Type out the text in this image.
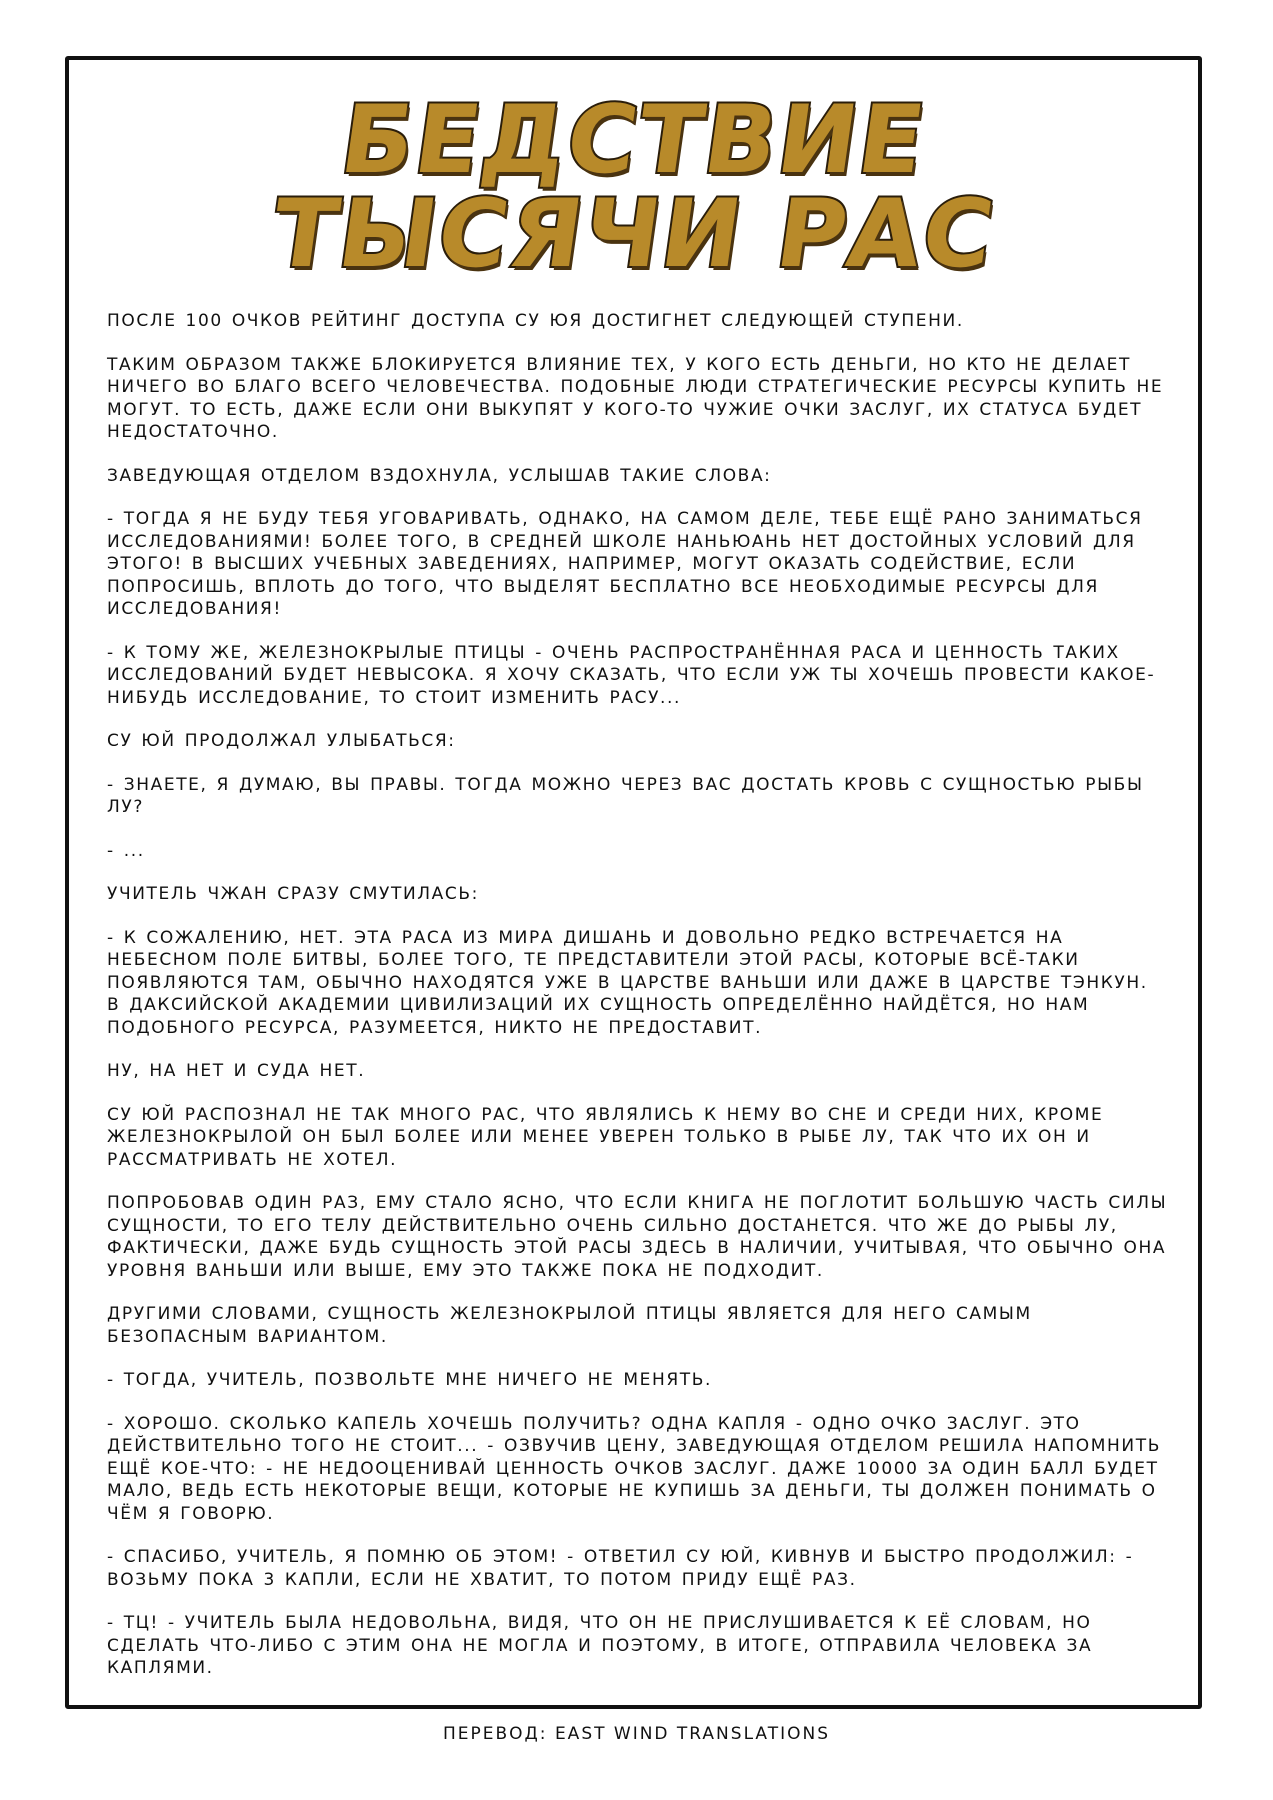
БЕДСТВИЕ
ТЫСЯЧИ РАС

ПОСЛЕ 100 ОЧКОВ РЕЙТИНГ ДОСТУПА СУ ЮЯ ДОСТИГНЕТ СЛЕДУЮЩЕЙ СТУПЕНИ.

ТАКИМ ОБРАЗОМ ТАКЖЕ БЛОКИРУЕТСЯ ВЛИЯНИЕ ТЕХ, У КОГО ЕСТЬ ДЕНЬГИ, НО КТО НЕ ДЕЛАЕТ НИЧЕГО ВО БЛАГО ВСЕГО ЧЕЛОВЕЧЕСТВА. ПОДОБНЫЕ ЛЮДИ СТРАТЕГИЧЕСКИЕ РЕСУРСЫ КУПИТЬ НЕ МОГУТ. ТО ЕСТЬ, ДАЖЕ ЕСЛИ ОНИ ВЫКУПЯТ У КОГО-ТО ЧУЖИЕ ОЧКИ ЗАСЛУГ, ИХ СТАТУСА БУДЕТ НЕДОСТАТОЧНО.

ЗАВЕДУЮЩАЯ ОТДЕЛОМ ВЗДОХНУЛА, УСЛЫШАВ ТАКИЕ СЛОВА:

- ТОГДА Я НЕ БУДУ ТЕБЯ УГОВАРИВАТЬ, ОДНАКО, НА САМОМ ДЕЛЕ, ТЕБЕ ЕЩЁ РАНО ЗАНИМАТЬСЯ ИССЛЕДОВАНИЯМИ! БОЛЕЕ ТОГО, В СРЕДНЕЙ ШКОЛЕ НАНЬЮАНЬ НЕТ ДОСТОЙНЫХ УСЛОВИЙ ДЛЯ ЭТОГО! В ВЫСШИХ УЧЕБНЫХ ЗАВЕДЕНИЯХ, НАПРИМЕР, МОГУТ ОКАЗАТЬ СОДЕЙСТВИЕ, ЕСЛИ ПОПРОСИШЬ, ВПЛОТЬ ДО ТОГО, ЧТО ВЫДЕЛЯТ БЕСПЛАТНО ВСЕ НЕОБХОДИМЫЕ РЕСУРСЫ ДЛЯ ИССЛЕДОВАНИЯ!

- К ТОМУ ЖЕ, ЖЕЛЕЗНОКРЫЛЫЕ ПТИЦЫ - ОЧЕНЬ РАСПРОСТРАНЁННАЯ РАСА И ЦЕННОСТЬ ТАКИХ ИССЛЕДОВАНИЙ БУДЕТ НЕВЫСОКА. Я ХОЧУ СКАЗАТЬ, ЧТО ЕСЛИ УЖ ТЫ ХОЧЕШЬ ПРОВЕСТИ КАКОЕ-НИБУДЬ ИССЛЕДОВАНИЕ, ТО СТОИТ ИЗМЕНИТЬ РАСУ...

СУ ЮЙ ПРОДОЛЖАЛ УЛЫБАТЬСЯ:

- ЗНАЕТЕ, Я ДУМАЮ, ВЫ ПРАВЫ. ТОГДА МОЖНО ЧЕРЕЗ ВАС ДОСТАТЬ КРОВЬ С СУЩНОСТЬЮ РЫБЫ ЛУ?

- ...

УЧИТЕЛЬ ЧЖАН СРАЗУ СМУТИЛАСЬ:

- К СОЖАЛЕНИЮ, НЕТ. ЭТА РАСА ИЗ МИРА ДИШАНЬ И ДОВОЛЬНО РЕДКО ВСТРЕЧАЕТСЯ НА НЕБЕСНОМ ПОЛЕ БИТВЫ, БОЛЕЕ ТОГО, ТЕ ПРЕДСТАВИТЕЛИ ЭТОЙ РАСЫ, КОТОРЫЕ ВСЁ-ТАКИ ПОЯВЛЯЮТСЯ ТАМ, ОБЫЧНО НАХОДЯТСЯ УЖЕ В ЦАРСТВЕ ВАНЬШИ ИЛИ ДАЖЕ В ЦАРСТВЕ ТЭНКУН. В ДАКCИЙСКОЙ АКАДЕМИИ ЦИВИЛИЗАЦИЙ ИХ СУЩНОСТЬ ОПРЕДЕЛЁННО НАЙДЁТСЯ, НО НАМ ПОДОБНОГО РЕСУРСА, РАЗУМЕЕТСЯ, НИКТО НЕ ПРЕДОСТАВИТ.

НУ, НА НЕТ И СУДА НЕТ.

СУ ЮЙ РАСПОЗНАЛ НЕ ТАК МНОГО РАС, ЧТО ЯВЛЯЛИСЬ К НЕМУ ВО СНЕ И СРЕДИ НИХ, КРОМЕ ЖЕЛЕЗНОКРЫЛОЙ ОН БЫЛ БОЛЕЕ ИЛИ МЕНЕЕ УВЕРЕН ТОЛЬКО В РЫБЕ ЛУ, ТАК ЧТО ИХ ОН И РАССМАТРИВАТЬ НЕ ХОТЕЛ.

ПОПРОБОВАВ ОДИН РАЗ, ЕМУ СТАЛО ЯСНО, ЧТО ЕСЛИ КНИГА НЕ ПОГЛОТИТ БОЛЬШУЮ ЧАСТЬ СИЛЫ СУЩНОСТИ, ТО ЕГО ТЕЛУ ДЕЙСТВИТЕЛЬНО ОЧЕНЬ СИЛЬНО ДОСТАНЕТСЯ. ЧТО ЖЕ ДО РЫБЫ ЛУ, ФАКТИЧЕСКИ, ДАЖЕ БУДЬ СУЩНОСТЬ ЭТОЙ РАСЫ ЗДЕСЬ В НАЛИЧИИ, УЧИТЫВАЯ, ЧТО ОБЫЧНО ОНА УРОВНЯ ВАНЬШИ ИЛИ ВЫШЕ, ЕМУ ЭТО ТАКЖЕ ПОКА НЕ ПОДХОДИТ.

ДРУГИМИ СЛОВАМИ, СУЩНОСТЬ ЖЕЛЕЗНОКРЫЛОЙ ПТИЦЫ ЯВЛЯЕТСЯ ДЛЯ НЕГО САМЫМ БЕЗОПАСНЫМ ВАРИАНТОМ.

- ТОГДА, УЧИТЕЛЬ, ПОЗВОЛЬТЕ МНЕ НИЧЕГО НЕ МЕНЯТЬ.

- ХОРОШО. СКОЛЬКО КАПЕЛЬ ХОЧЕШЬ ПОЛУЧИТЬ? ОДНА КАПЛЯ - ОДНО ОЧКО ЗАСЛУГ. ЭТО ДЕЙСТВИТЕЛЬНО ТОГО НЕ СТОИТ... - ОЗВУЧИВ ЦЕНУ, ЗАВЕДУЮЩАЯ ОТДЕЛОМ РЕШИЛА НАПОМНИТЬ ЕЩЁ КОЕ-ЧТО: - НЕ НЕДООЦЕНИВАЙ ЦЕННОСТЬ ОЧКОВ ЗАСЛУГ. ДАЖЕ 10000 ЗА ОДИН БАЛЛ БУДЕТ МАЛО, ВЕДЬ ЕСТЬ НЕКОТОРЫЕ ВЕЩИ, КОТОРЫЕ НЕ КУПИШЬ ЗА ДЕНЬГИ, ТЫ ДОЛЖЕН ПОНИМАТЬ О ЧЁМ Я ГОВОРЮ.

- СПАСИБО, УЧИТЕЛЬ, Я ПОМНЮ ОБ ЭТОМ! - ОТВЕТИЛ СУ ЮЙ, КИВНУВ И БЫСТРО ПРОДОЛЖИЛ: - ВОЗЬМУ ПОКА 3 КАПЛИ, ЕСЛИ НЕ ХВАТИТ, ТО ПОТОМ ПРИДУ ЕЩЁ РАЗ.

- ТЦ! - УЧИТЕЛЬ БЫЛА НЕДОВОЛЬНА, ВИДЯ, ЧТО ОН НЕ ПРИСЛУШИВАЕТСЯ К ЕЁ СЛОВАМ, НО СДЕЛАТЬ ЧТО-ЛИБО С ЭТИМ ОНА НЕ МОГЛА И ПОЭТОМУ, В ИТОГЕ, ОТПРАВИЛА ЧЕЛОВЕКА ЗА КАПЛЯМИ.

ПЕРЕВОД: EAST WIND TRANSLATIONS
